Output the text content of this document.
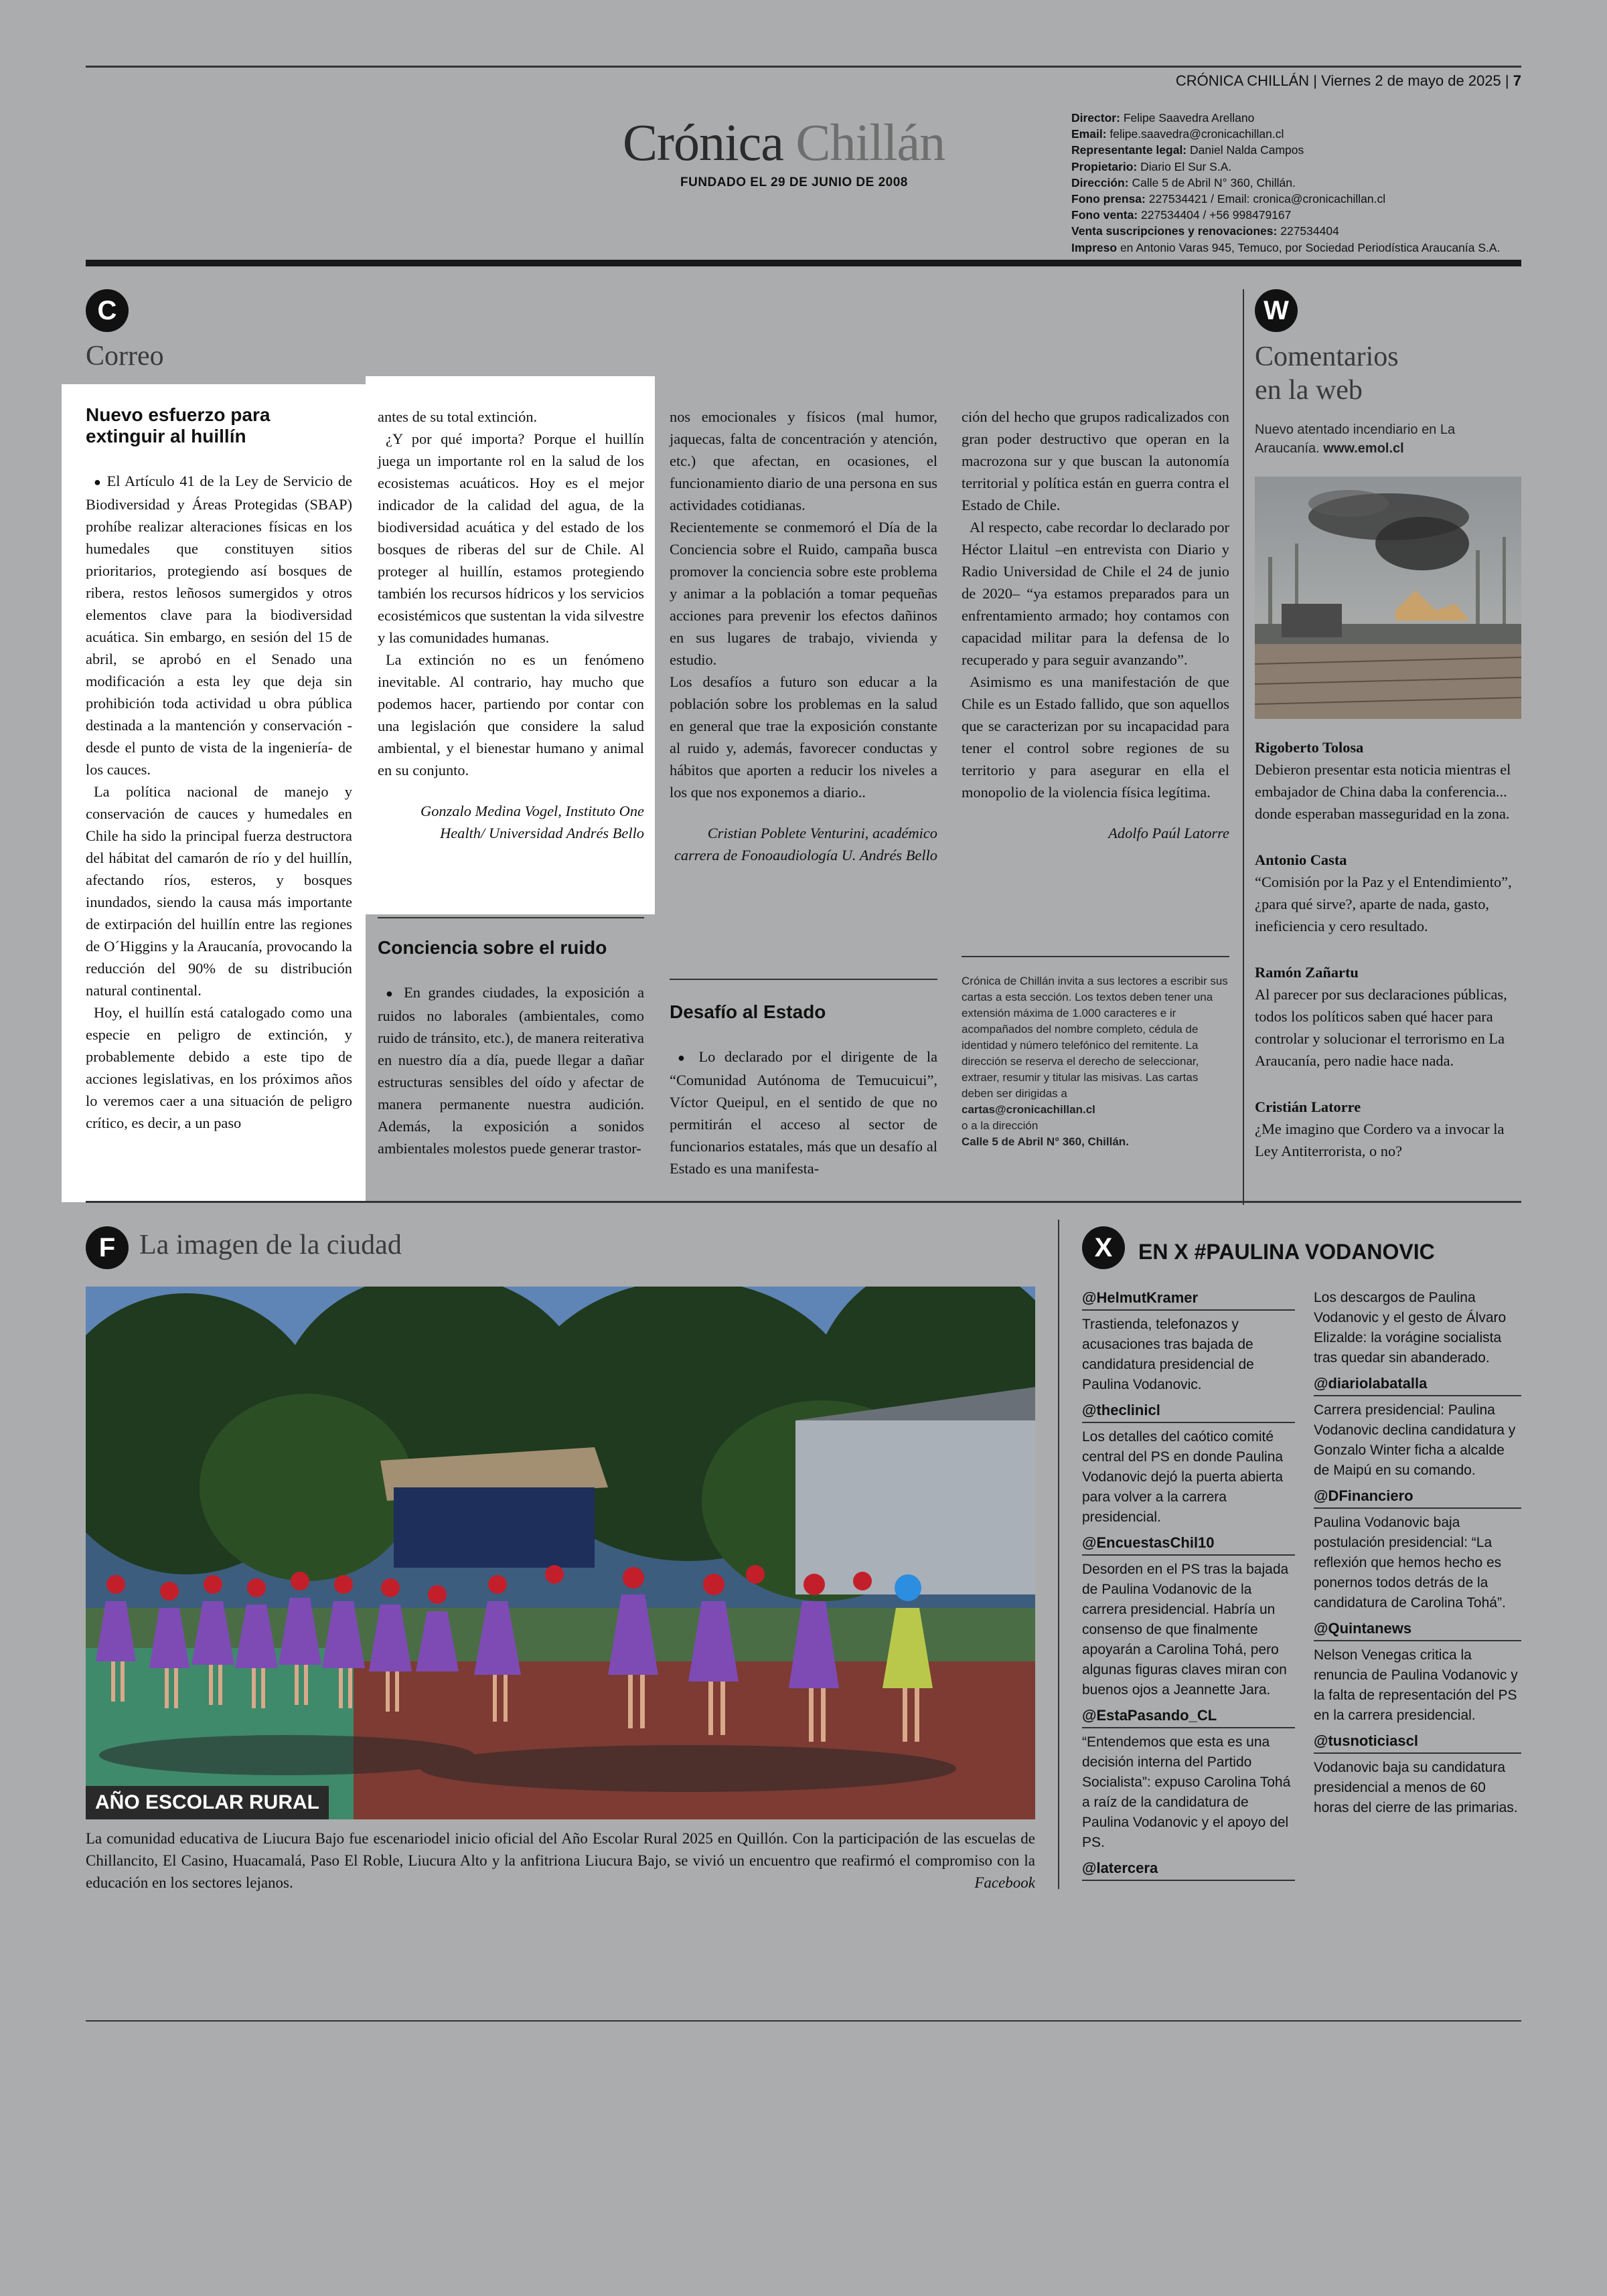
CRÓNICA CHILLÁN | Viernes 2 de mayo de 2025 | 7
Crónica Chillán
FUNDADO EL 29 DE JUNIO DE 2008
Director: Felipe Saavedra Arellano
Email: felipe.saavedra@cronicachillan.cl
Representante legal: Daniel Nalda Campos
Propietario: Diario El Sur S.A.
Dirección: Calle 5 de Abril N° 360, Chillán.
Fono prensa: 227534421 / Email: cronica@cronicachillan.cl
Fono venta: 227534404 / +56 998479167
Venta suscripciones y renovaciones: 227534404
Impreso en Antonio Varas 945, Temuco, por Sociedad Periodística Araucanía S.A.
C
Correo
Nuevo esfuerzo para extinguir al huillín

● El Artículo 41 de la Ley de Servicio de Biodiversidad y Áreas Protegidas (SBAP) prohíbe realizar alteraciones físicas en los humedales que constituyen sitios prioritarios, protegiendo así bosques de ribera, restos leñosos sumergidos y otros elementos clave para la biodiversidad acuática. Sin embargo, en sesión del 15 de abril, se aprobó en el Senado una modificación a esta ley que deja sin prohibición toda actividad u obra pública destinada a la mantención y conservación -desde el punto de vista de la ingeniería- de los cauces.

La política nacional de manejo y conservación de cauces y humedales en Chile ha sido la principal fuerza destructora del hábitat del camarón de río y del huillín, afectando ríos, esteros, y bosques inundados, siendo la causa más importante de extirpación del huillín entre las regiones de O´Higgins y la Araucanía, provocando la reducción del 90% de su distribución natural continental.

Hoy, el huillín está catalogado como una especie en peligro de extinción, y probablemente debido a este tipo de acciones legislativas, en los próximos años lo veremos caer a una situación de peligro crítico, es decir, a un paso

antes de su total extinción.

¿Y por qué importa? Porque el huillín juega un importante rol en la salud de los ecosistemas acuáticos. Hoy es el mejor indicador de la calidad del agua, de la biodiversidad acuática y del estado de los bosques de riberas del sur de Chile. Al proteger al huillín, estamos protegiendo también los recursos hídricos y los servicios ecosistémicos que sustentan la vida silvestre y las comunidades humanas.

La extinción no es un fenómeno inevitable. Al contrario, hay mucho que podemos hacer, partiendo por contar con una legislación que considere la salud ambiental, y el bienestar humano y animal en su conjunto.

Gonzalo Medina Vogel, Instituto One Health/ Universidad Andrés Bello
Conciencia sobre el ruido

● En grandes ciudades, la exposición a ruidos no laborales (ambientales, como ruido de tránsito, etc.), de manera reiterativa en nuestro día a día, puede llegar a dañar estructuras sensibles del oído y afectar de manera permanente nuestra audición. Además, la exposición a sonidos ambientales molestos puede generar trastor-

nos emocionales y físicos (mal humor, jaquecas, falta de concentración y atención, etc.) que afectan, en ocasiones, el funcionamiento diario de una persona en sus actividades cotidianas.

Recientemente se conmemoró el Día de la Conciencia sobre el Ruido, campaña busca promover la conciencia sobre este problema y animar a la población a tomar pequeñas acciones para prevenir los efectos dañinos en sus lugares de trabajo, vivienda y estudio.

Los desafíos a futuro son educar a la población sobre los problemas en la salud en general que trae la exposición constante al ruido y, además, favorecer conductas y hábitos que aporten a reducir los niveles a los que nos exponemos a diario..

Cristian Poblete Venturini, académico carrera de Fonoaudiología U. Andrés Bello
Desafío al Estado

● Lo declarado por el dirigente de la “Comunidad Autónoma de Temucuicui”, Víctor Queipul, en el sentido de que no permitirán el acceso al sector de funcionarios estatales, más que un desafío al Estado es una manifesta-

ción del hecho que grupos radicalizados con gran poder destructivo que operan en la macrozona sur y que buscan la autonomía territorial y política están en guerra contra el Estado de Chile.

Al respecto, cabe recordar lo declarado por Héctor Llaitul –en entrevista con Diario y Radio Universidad de Chile el 24 de junio de 2020– “ya estamos preparados para un enfrentamiento armado; hoy contamos con capacidad militar para la defensa de lo recuperado y para seguir avanzando”.

Asimismo es una manifestación de que Chile es un Estado fallido, que son aquellos que se caracterizan por su incapacidad para tener el control sobre regiones de su territorio y para asegurar en ella el monopolio de la violencia física legítima.

Adolfo Paúl Latorre
Crónica de Chillán invita a sus lectores a escribir sus cartas a esta sección. Los textos deben tener una extensión máxima de 1.000 caracteres e ir acompañados del nombre completo, cédula de identidad y número telefónico del remitente. La dirección se reserva el derecho de seleccionar, extraer, resumir y titular las misivas. Las cartas deben ser dirigidas a
cartas@cronicachillan.cl
o a la dirección
Calle 5 de Abril N° 360, Chillán.
W
Comentarios
en la web
Nuevo atentado incendiario en La Araucanía. www.emol.cl
Rigoberto Tolosa
Debieron presentar esta noticia mientras el embajador de China daba la conferencia... donde esperaban masseguridad en la zona.
Antonio Casta
“Comisión por la Paz y el Entendimiento”, ¿para qué sirve?, aparte de nada, gasto, ineficiencia y cero resultado.
Ramón Zañartu
Al parecer por sus declaraciones públicas, todos los políticos saben qué hacer para controlar y solucionar el terrorismo en La Araucanía, pero nadie hace nada.
Cristián Latorre
¿Me imagino que Cordero va a invocar la Ley Antiterrorista, o no?
F La imagen de la ciudad
AÑO ESCOLAR RURAL
La comunidad educativa de Liucura Bajo fue escenariodel inicio oficial del Año Escolar Rural 2025 en Quillón. Con la participación de las escuelas de Chillancito, El Casino, Huacamalá, Paso El Roble, Liucura Alto y la anfitriona Liucura Bajo, se vivió un encuentro que reafirmó el compromiso con la educación en los sectores lejanos.	Facebook
X	EN X #PAULINA VODANOVIC
@HelmutKramer
Trastienda, telefonazos y acusaciones tras bajada de candidatura presidencial de Paulina Vodanovic.
@theclinicl
Los detalles del caótico comité central del PS en donde Paulina Vodanovic dejó la puerta abierta para volver a la carrera presidencial.
@EncuestasChil10
Desorden en el PS tras la bajada de Paulina Vodanovic de la carrera presidencial. Habría un consenso de que finalmente apoyarán a Carolina Tohá, pero algunas figuras claves miran con buenos ojos a Jeannette Jara.
@EstaPasando_CL
“Entendemos que esta es una decisión interna del Partido Socialista”: expuso Carolina Tohá a raíz de la candidatura de Paulina Vodanovic y el apoyo del PS.
@latercera
Los descargos de Paulina Vodanovic y el gesto de Álvaro Elizalde: la vorágine socialista tras quedar sin abanderado.
@diariolabatalla
Carrera presidencial: Paulina Vodanovic declina candidatura y Gonzalo Winter ficha a alcalde de Maipú en su comando.
@DFinanciero
Paulina Vodanovic baja postulación presidencial: “La reflexión que hemos hecho es ponernos todos detrás de la candidatura de Carolina Tohá”.
@Quintanews
Nelson Venegas critica la renuncia de Paulina Vodanovic y la falta de representación del PS en la carrera presidencial.
@tusnoticiascl
Vodanovic baja su candidatura presidencial a menos de 60 horas del cierre de las primarias.
